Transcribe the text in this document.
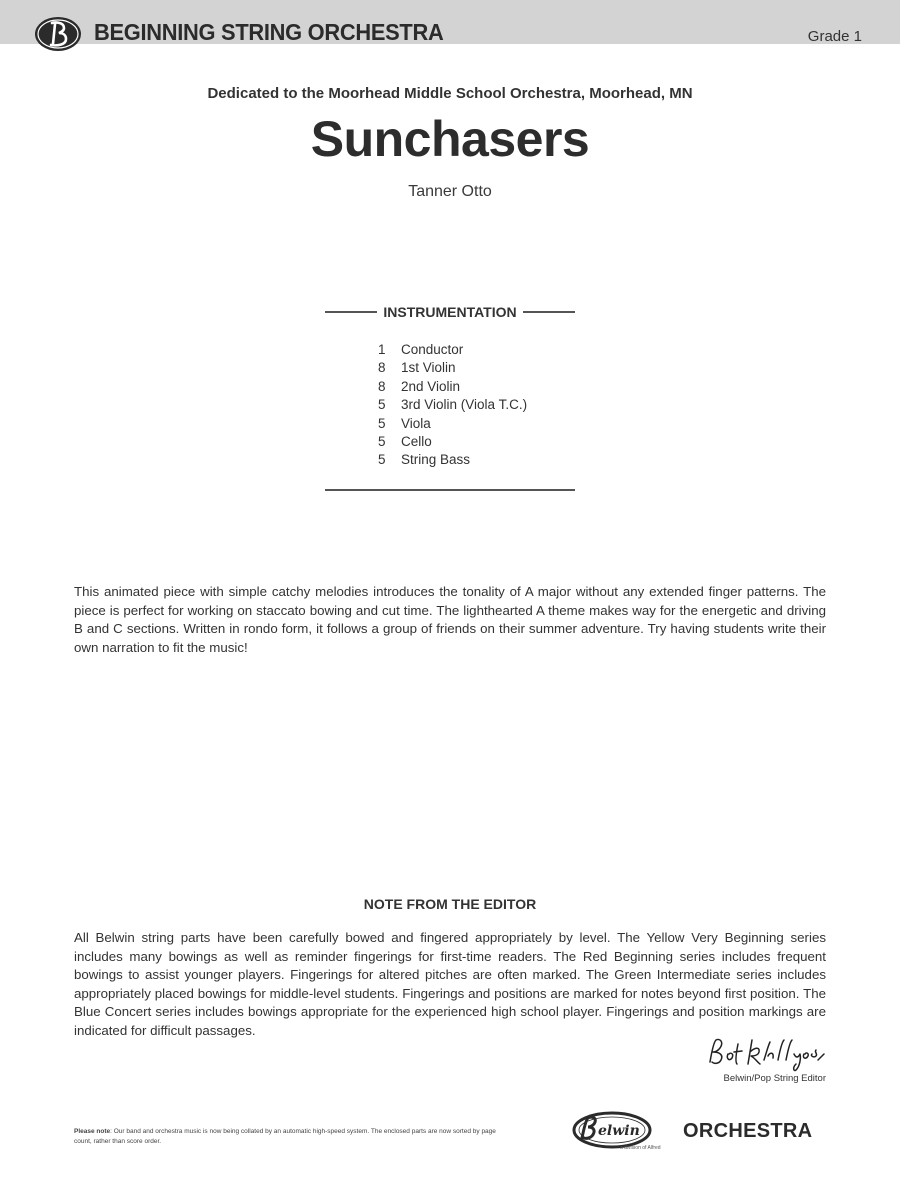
BEGINNING STRING ORCHESTRA	Grade 1
Dedicated to the Moorhead Middle School Orchestra, Moorhead, MN
Sunchasers
Tanner Otto
INSTRUMENTATION
1 Conductor
8 1st Violin
8 2nd Violin
5 3rd Violin (Viola T.C.)
5 Viola
5 Cello
5 String Bass

This animated piece with simple catchy melodies introduces the tonality of A major without any extended finger patterns. The piece is perfect for working on staccato bowing and cut time. The lighthearted A theme makes way for the energetic and driving B and C sections. Written in rondo form, it follows a group of friends on their summer adventure. Try having students write their own narration to fit the music!

NOTE FROM THE EDITOR

All Belwin string parts have been carefully bowed and fingered appropriately by level. The Yellow Very Beginning series includes many bowings as well as reminder fingerings for first-time readers. The Red Beginning series includes frequent bowings to assist younger players. Fingerings for altered pitches are often marked. The Green Intermediate series includes appropriately placed bowings for middle-level students. Fingerings and positions are marked for notes beyond first position. The Blue Concert series includes bowings appropriate for the experienced high school player. Fingerings and position markings are indicated for difficult passages.

Belwin/Pop String Editor

Please note: Our band and orchestra music is now being collated by an automatic high-speed system. The enclosed parts are now sorted by page count, rather than score order.

elwin ORCHESTRA
a division of Alfred
